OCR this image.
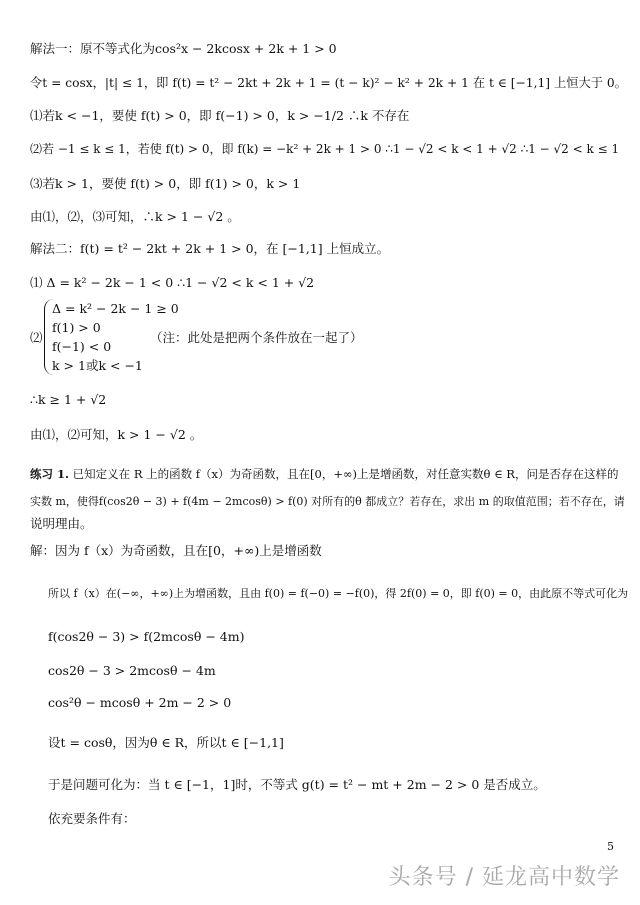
解法一：原不等式化为cos²x − 2kcosx + 2k + 1 > 0
令t = cosx，|t| ≤ 1，即 f(t) = t² − 2kt + 2k + 1 = (t − k)² − k² + 2k + 1 在 t ∈ [−1,1] 上恒大于 0。
⑴若k < −1，要使 f(t) > 0，即 f(−1) > 0，k > −1/2 ∴k 不存在
⑵若 −1 ≤ k ≤ 1，若使 f(t) > 0，即 f(k) = −k² + 2k + 1 > 0 ∴1 − √2 < k < 1 + √2 ∴1 − √2 < k ≤ 1
⑶若k > 1，要使 f(t) > 0，即 f(1) > 0，k > 1
由⑴，⑵，⑶可知，∴k > 1 − √2 。
解法二：f(t) = t² − 2kt + 2k + 1 > 0，在 [−1,1] 上恒成立。
⑴ Δ = k² − 2k − 1 < 0 ∴1 − √2 < k < 1 + √2
⑵
Δ = k² − 2k − 1 ≥ 0
f(1) > 0
f(−1) < 0
k > 1或k < −1
（注：此处是把两个条件放在一起了）
∴k ≥ 1 + √2
由⑴，⑵可知，k > 1 − √2 。
练习 1. 已知定义在 R 上的函数 f（x）为奇函数，且在[0，+∞)上是增函数，对任意实数θ ∈ R，问是否存在这样的
实数 m，使得f(cos2θ − 3) + f(4m − 2mcosθ) > f(0) 对所有的θ 都成立？若存在，求出 m 的取值范围；若不存在，请
说明理由。
解：因为 f（x）为奇函数，且在[0，+∞)上是增函数
所以 f（x）在(−∞，+∞)上为增函数，且由 f(0) = f(−0) = −f(0)，得 2f(0) = 0，即 f(0) = 0，由此原不等式可化为
f(cos2θ − 3) > f(2mcosθ − 4m)
cos2θ − 3 > 2mcosθ − 4m
cos²θ − mcosθ + 2m − 2 > 0
设t = cosθ，因为θ ∈ R，所以t ∈ [−1,1]
于是问题可化为：当 t ∈ [−1，1]时，不等式 g(t) = t² − mt + 2m − 2 > 0 是否成立。
依充要条件有：
5
头条号 / 延龙高中数学
